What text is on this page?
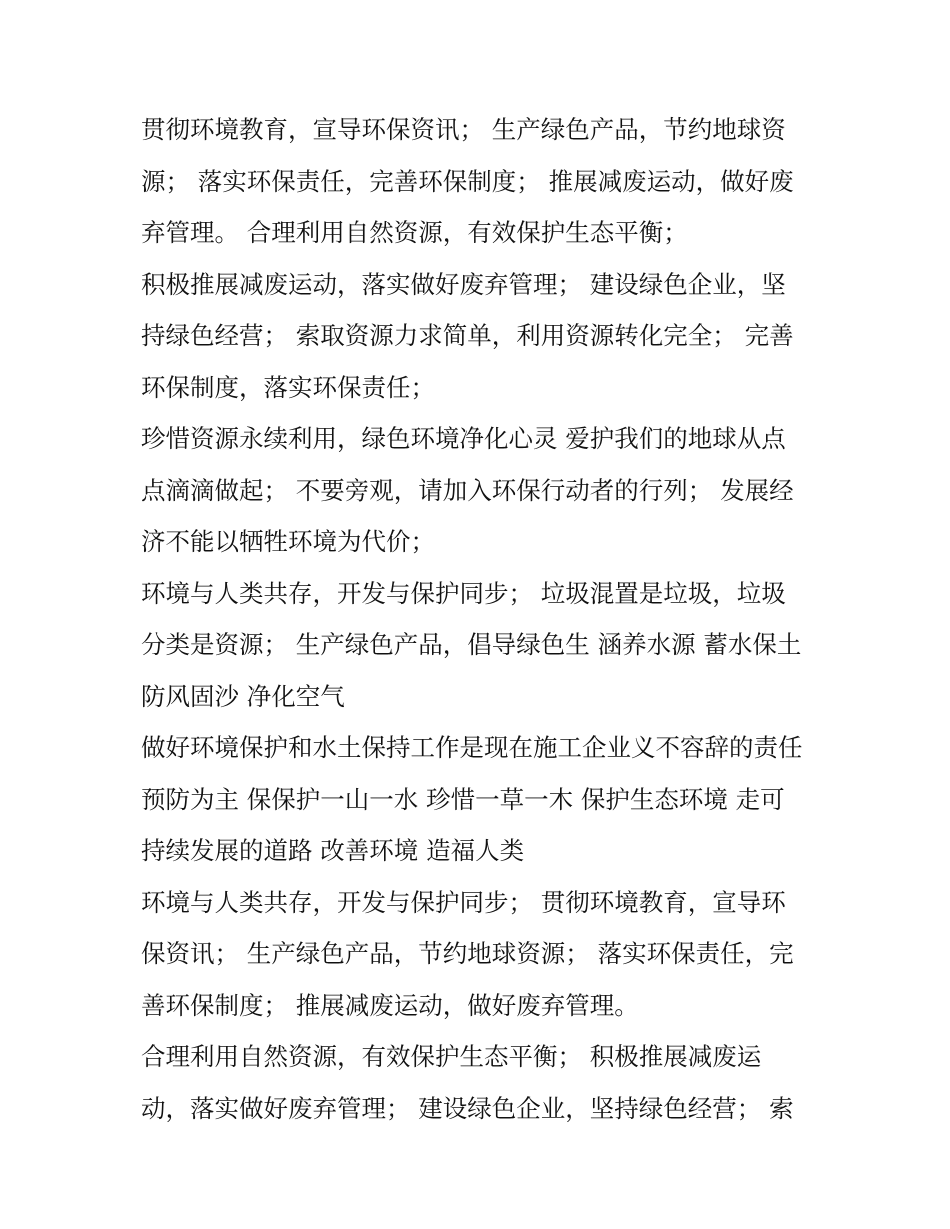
贯彻环境教育，宣导环保资讯； 生产绿色产品，节约地球资
源； 落实环保责任，完善环保制度； 推展减废运动，做好废
弃管理。 合理利用自然资源，有效保护生态平衡；
积极推展减废运动，落实做好废弃管理； 建设绿色企业，坚
持绿色经营； 索取资源力求简单，利用资源转化完全； 完善
环保制度，落实环保责任；
珍惜资源永续利用，绿色环境净化心灵 爱护我们的地球从点
点滴滴做起； 不要旁观，请加入环保行动者的行列； 发展经
济不能以牺牲环境为代价；
环境与人类共存，开发与保护同步； 垃圾混置是垃圾，垃圾
分类是资源； 生产绿色产品，倡导绿色生 涵养水源 蓄水保土
防风固沙 净化空气
做好环境保护和水土保持工作是现在施工企业义不容辞的责任
预防为主 保保护一山一水 珍惜一草一木 保护生态环境 走可
持续发展的道路 改善环境 造福人类
环境与人类共存，开发与保护同步； 贯彻环境教育，宣导环
保资讯； 生产绿色产品，节约地球资源； 落实环保责任，完
善环保制度； 推展减废运动，做好废弃管理。
合理利用自然资源，有效保护生态平衡； 积极推展减废运
动，落实做好废弃管理； 建设绿色企业，坚持绿色经营； 索
